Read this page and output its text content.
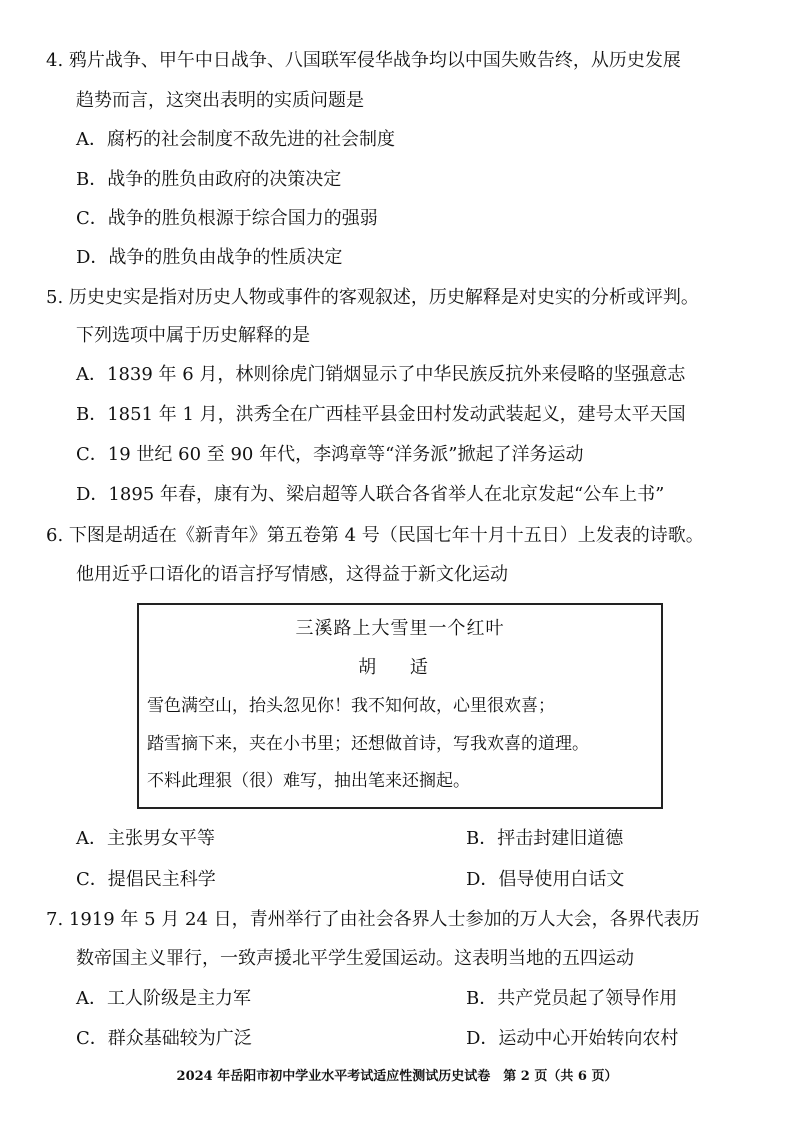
4. 鸦片战争、甲午中日战争、八国联军侵华战争均以中国失败告终，从历史发展
趋势而言，这突出表明的实质问题是
A．腐朽的社会制度不敌先进的社会制度
B．战争的胜负由政府的决策决定
C．战争的胜负根源于综合国力的强弱
D．战争的胜负由战争的性质决定
5. 历史史实是指对历史人物或事件的客观叙述，历史解释是对史实的分析或评判。
下列选项中属于历史解释的是
A．1839 年 6 月，林则徐虎门销烟显示了中华民族反抗外来侵略的坚强意志
B．1851 年 1 月，洪秀全在广西桂平县金田村发动武装起义，建号太平天国
C．19 世纪 60 至 90 年代，李鸿章等“洋务派”掀起了洋务运动
D．1895 年春，康有为、梁启超等人联合各省举人在北京发起“公车上书”
6. 下图是胡适在《新青年》第五卷第 4 号（民国七年十月十五日）上发表的诗歌。
他用近乎口语化的语言抒写情感，这得益于新文化运动
三溪路上大雪里一个红叶
胡 适
雪色满空山，抬头忽见你！我不知何故，心里很欢喜；
踏雪摘下来，夹在小书里；还想做首诗，写我欢喜的道理。
不料此理狠（很）难写，抽出笔来还搁起。
A．主张男女平等	B．抨击封建旧道德
C．提倡民主科学	D．倡导使用白话文
7. 1919 年 5 月 24 日，青州举行了由社会各界人士参加的万人大会，各界代表历
数帝国主义罪行，一致声援北平学生爱国运动。这表明当地的五四运动
A．工人阶级是主力军	B．共产党员起了领导作用
C．群众基础较为广泛	D．运动中心开始转向农村
2024 年岳阳市初中学业水平考试适应性测试历史试卷　第 2 页（共 6 页）
